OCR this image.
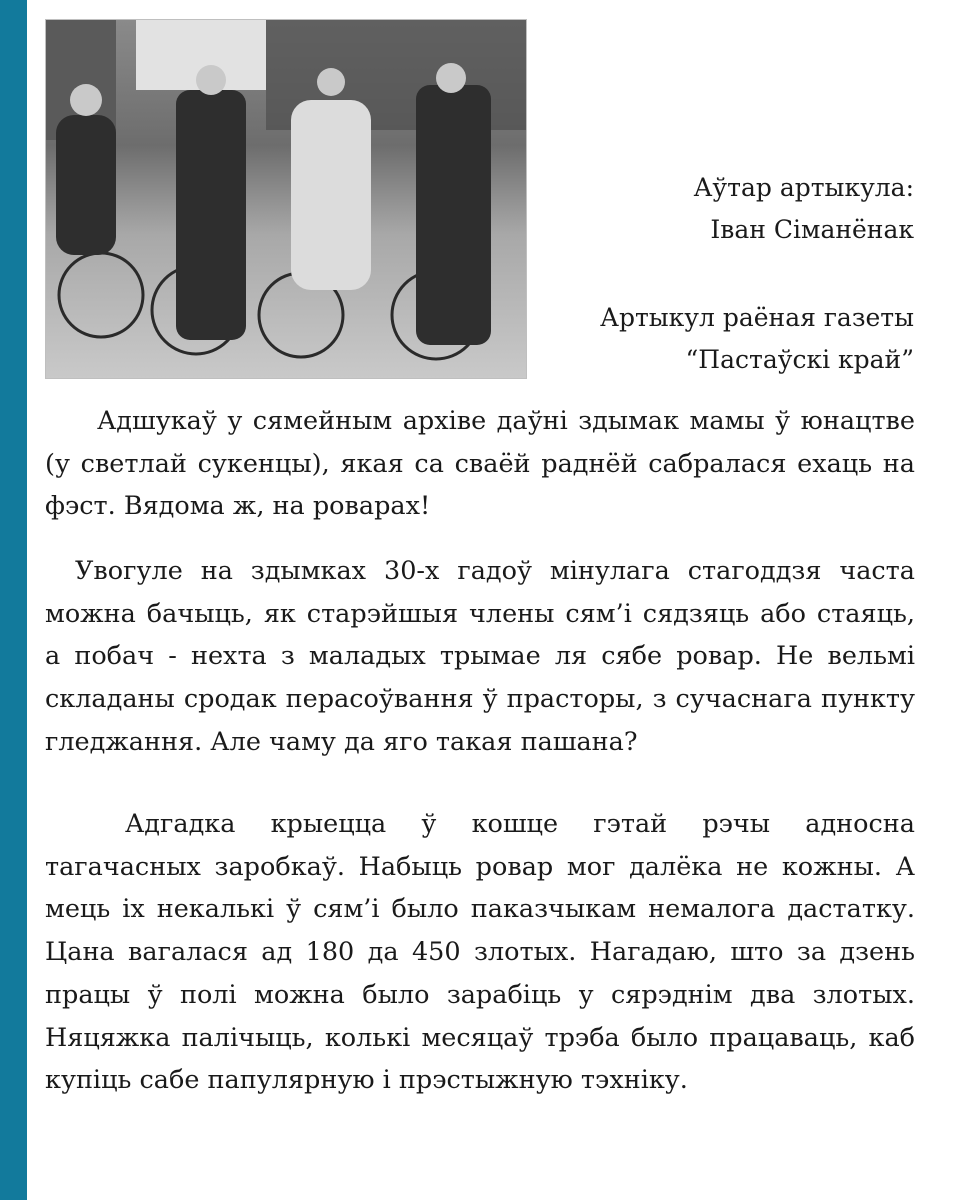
Аўтар артыкула:
Іван Сіманёнак
Артыкул раёная газеты
“Пастаўскі край”

Адшукаў у сямейным архіве даўні здымак мамы ў юнацтве (у светлай сукенцы), якая са сваёй раднёй сабралася ехаць на фэст. Вядома ж, на роварах!

Увогуле на здымках 30-х гадоў мінулага стагоддзя часта можна бачыць, як старэйшыя члены сям’і сядзяць або стаяць, а побач - нехта з маладых трымае ля сябе ровар. Не вельмі складаны сродак перасоўвання ў прасторы, з сучаснага пункту гледжання. Але чаму да яго такая пашана?

Адгадка крыецца ў кошце гэтай рэчы адносна тагачасных заробкаў. Набыць ровар мог далёка не кожны. А мець іх некалькі ў сям’і было паказчыкам немалога дастатку. Цана вагалася ад 180 да 450 злотых. Нагадаю, што за дзень працы ў полі можна было зарабіць у сярэднім два злотых. Няцяжка палічыць, колькі месяцаў трэба было працаваць, каб купіць сабе папулярную і прэстыжную тэхніку.
